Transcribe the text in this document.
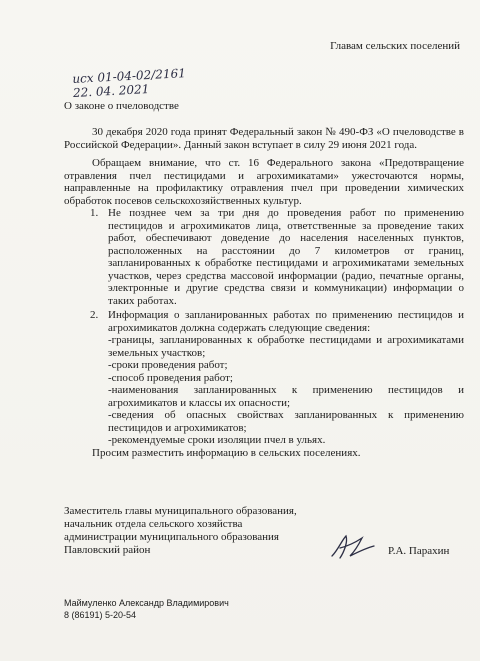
Главам сельских поселений
исх 01-04-02/2161
22. 04. 2021
О законе о пчеловодстве

30 декабря 2020 года принят Федеральный закон № 490-ФЗ «О пчеловодстве в Российской Федерации». Данный закон вступает в силу 29 июня 2021 года.

Обращаем внимание, что ст. 16 Федерального закона «Предотвращение отравления пчел пестицидами и агрохимикатами» ужесточаются нормы, направленные на профилактику отравления пчел при проведении химических обработок посевов сельскохозяйственных культур.

1. Не позднее чем за три дня до проведения работ по применению пестицидов и агрохимикатов лица, ответственные за проведение таких работ, обеспечивают доведение до населения населенных пунктов, расположенных на расстоянии до 7 километров от границ, запланированных к обработке пестицидами и агрохимикатами земельных участков, через средства массовой информации (радио, печатные органы, электронные и другие средства связи и коммуникации) информации о таких работах.
2. Информация о запланированных работах по применению пестицидов и агрохимикатов должна содержать следующие сведения:
-границы, запланированных к обработке пестицидами и агрохимикатами земельных участков;
-сроки проведения работ;
-способ проведения работ;
-наименования запланированных к применению пестицидов и агрохимикатов и классы их опасности;
-сведения об опасных свойствах запланированных к применению пестицидов и агрохимикатов;
-рекомендуемые сроки изоляции пчел в ульях.

Просим разместить информацию в сельских поселениях.

Заместитель главы муниципального образования,
начальник отдела сельского хозяйства
администрации муниципального образования
Павловский район	Р.А. Парахин
Маймуленко Александр Владимирович
8 (86191) 5-20-54
